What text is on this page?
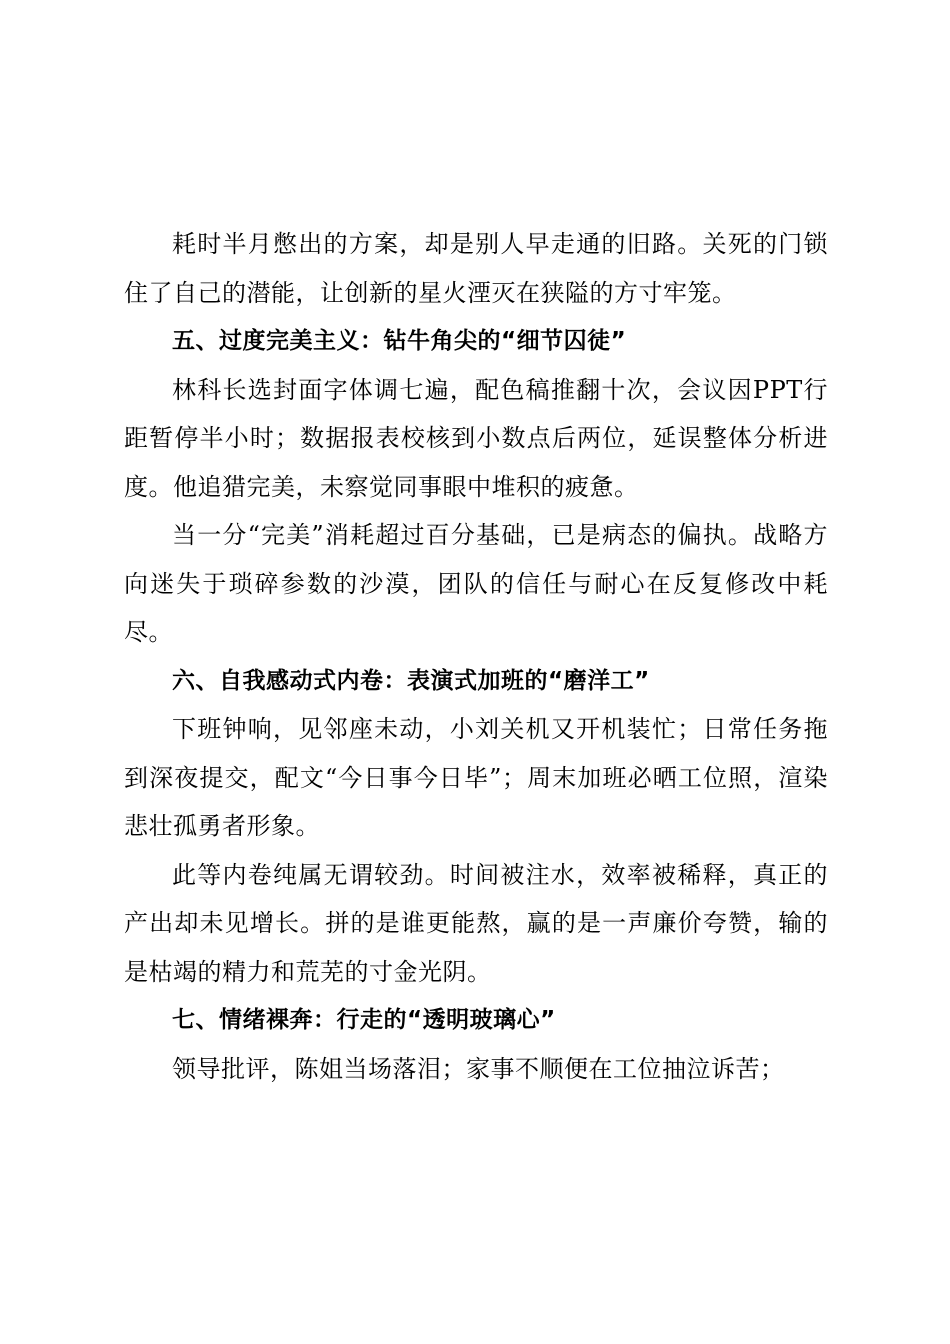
耗时半月憋出的方案，却是别人早走通的旧路。关死的门锁住了自己的潜能，让创新的星火湮灭在狭隘的方寸牢笼。

五、过度完美主义：钻牛角尖的“细节囚徒”

林科长选封面字体调七遍，配色稿推翻十次，会议因PPT行距暂停半小时；数据报表校核到小数点后两位，延误整体分析进度。他追猎完美，未察觉同事眼中堆积的疲惫。

当一分“完美”消耗超过百分基础，已是病态的偏执。战略方向迷失于琐碎参数的沙漠，团队的信任与耐心在反复修改中耗尽。

六、自我感动式内卷：表演式加班的“磨洋工”

下班钟响，见邻座未动，小刘关机又开机装忙；日常任务拖到深夜提交，配文“今日事今日毕”；周末加班必晒工位照，渲染悲壮孤勇者形象。

此等内卷纯属无谓较劲。时间被注水，效率被稀释，真正的产出却未见增长。拼的是谁更能熬，赢的是一声廉价夸赞，输的是枯竭的精力和荒芜的寸金光阴。

七、情绪裸奔：行走的“透明玻璃心”

领导批评，陈姐当场落泪；家事不顺便在工位抽泣诉苦；
